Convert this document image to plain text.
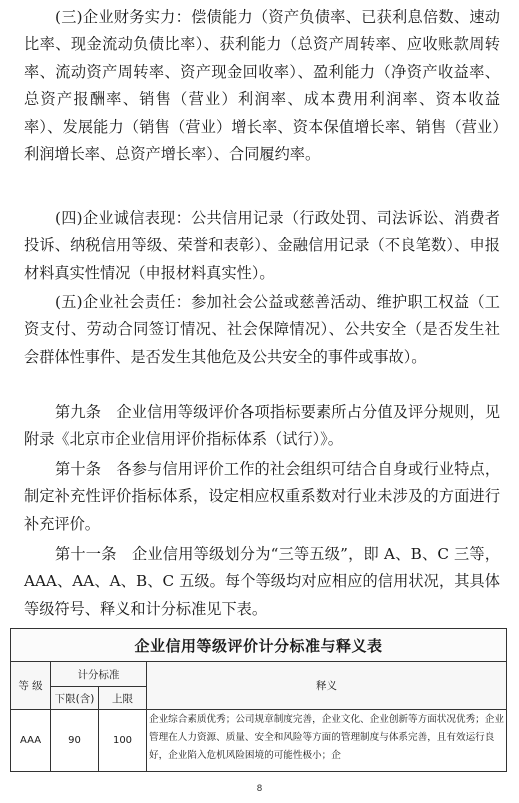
(三)企业财务实力：偿债能力（资产负债率、已获利息倍数、速动比率、现金流动负债比率）、获利能力（总资产周转率、应收账款周转率、流动资产周转率、资产现金回收率）、盈利能力（净资产收益率、总资产报酬率、销售（营业）利润率、成本费用利润率、资本收益率）、发展能力（销售（营业）增长率、资本保值增长率、销售（营业）利润增长率、总资产增长率）、合同履约率。

(四)企业诚信表现：公共信用记录（行政处罚、司法诉讼、消费者投诉、纳税信用等级、荣誉和表彰）、金融信用记录（不良笔数）、申报材料真实性情况（申报材料真实性）。

(五)企业社会责任：参加社会公益或慈善活动、维护职工权益（工资支付、劳动合同签订情况、社会保障情况）、公共安全（是否发生社会群体性事件、是否发生其他危及公共安全的事件或事故）。

第九条　企业信用等级评价各项指标要素所占分值及评分规则，见附录《北京市企业信用评价指标体系（试行）》。

第十条　各参与信用评价工作的社会组织可结合自身或行业特点，制定补充性评价指标体系，设定相应权重系数对行业未涉及的方面进行补充评价。

第十一条　企业信用等级划分为“三等五级”，即 A、B、C 三等，AAA、AA、A、B、C 五级。每个等级均对应相应的信用状况，其具体等级符号、释义和计分标准见下表。

企业信用等级评价计分标准与释义表			
等 级	计分标准		释义
	下限(含)	上限	
AAA	90	100	企业综合素质优秀；公司规章制度完善，企业文化、企业创新等方面状况优秀；企业管理在人力资源、质量、安全和风险等方面的管理制度与体系完善，且有效运行良好，企业陷入危机风险困境的可能性极小；企
8
